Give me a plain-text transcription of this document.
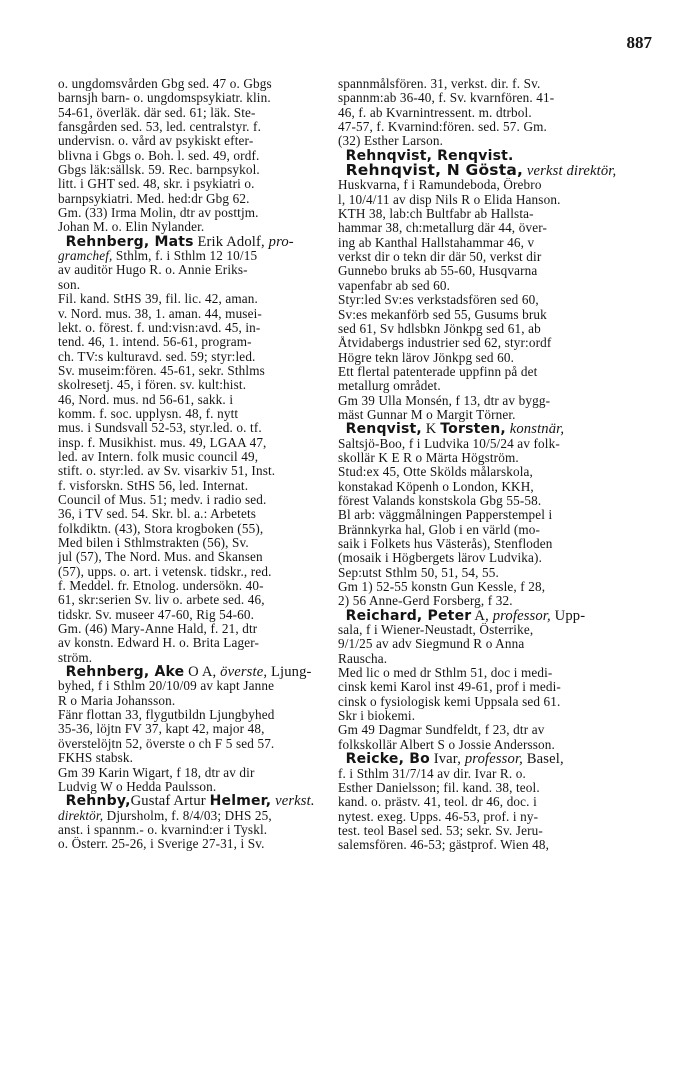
887

o. ungdomsvården Gbg sed. 47 o. Gbgs

barnsjh barn- o. ungdomspsykiatr. klin.

54-61, överläk. där sed. 61; läk. Ste-

fansgården sed. 53, led. centralstyr. f.

undervisn. o. vård av psykiskt efter-

blivna i Gbgs o. Boh. l. sed. 49, ordf.

Gbgs läk:sällsk. 59. Rec. barnpsykol.

litt. i GHT sed. 48, skr. i psykiatri o.

barnpsykiatri. Med. hed:dr Gbg 62.

Gm. (33) Irma Molin, dtr av posttjm.

Johan M. o. Elin Nylander.

Rehnberg, Mats Erik Adolf, pro-

gramchef, Sthlm, f. i Sthlm 12 10/15

av auditör Hugo R. o. Annie Eriks-

son.

Fil. kand. StHS 39, fil. lic. 42, aman.

v. Nord. mus. 38, 1. aman. 44, musei-

lekt. o. förest. f. und:visn:avd. 45, in-

tend. 46, 1. intend. 56-61, program-

ch. TV:s kulturavd. sed. 59; styr:led.

Sv. museim:fören. 45-61, sekr. Sthlms

skolresetj. 45, i fören. sv. kult:hist.

46, Nord. mus. nd 56-61, sakk. i

komm. f. soc. upplysn. 48, f. nytt

mus. i Sundsvall 52-53, styr.led. o. tf.

insp. f. Musikhist. mus. 49, LGAA 47,

led. av Intern. folk music council 49,

stift. o. styr:led. av Sv. visarkiv 51, Inst.

f. visforskn. StHS 56, led. Internat.

Council of Mus. 51; medv. i radio sed.

36, i TV sed. 54. Skr. bl. a.: Arbetets

folkdiktn. (43), Stora krogboken (55),

Med bilen i Sthlmstrakten (56), Sv.

jul (57), The Nord. Mus. and Skansen

(57), upps. o. art. i vetensk. tidskr., red.

f. Meddel. fr. Etnolog. undersökn. 40-

61, skr:serien Sv. liv o. arbete sed. 46,

tidskr. Sv. museer 47-60, Rig 54-60.

Gm. (46) Mary-Anne Hald, f. 21, dtr

av konstn. Edward H. o. Brita Lager-

ström.

Rehnberg, Åke O A, överste, Ljung-

byhed, f i Sthlm 20/10/09 av kapt Janne

R o Maria Johansson.

Fänr flottan 33, flygutbildn Ljungbyhed

35-36, löjtn FV 37, kapt 42, major 48,

överstelöjtn 52, överste o ch F 5 sed 57.

FKHS stabsk.

Gm 39 Karin Wigart, f 18, dtr av dir

Ludvig W o Hedda Paulsson.

Rehnby,Gustaf Artur Helmer, verkst.

direktör, Djursholm, f. 8/4/03; DHS 25,

anst. i spannm.- o. kvarnind:er i Tyskl.

o. Österr. 25-26, i Sverige 27-31, i Sv.

spannmålsfören. 31, verkst. dir. f. Sv.

spannm:ab 36-40, f. Sv. kvarnfören. 41-

46, f. ab Kvarnintressent. m. dtrbol.

47-57, f. Kvarnind:fören. sed. 57. Gm.

(32) Esther Larson.

Rehnqvist, Renqvist.

Rehnqvist, N Gösta, verkst direktör,

Huskvarna, f i Ramundeboda, Örebro

l, 10/4/11 av disp Nils R o Elida Hanson.

KTH 38, lab:ch Bultfabr ab Hallsta-

hammar 38, ch:metallurg där 44, över-

ing ab Kanthal Hallstahammar 46, v

verkst dir o tekn dir där 50, verkst dir

Gunnebo bruks ab 55-60, Husqvarna

vapenfabr ab sed 60.

Styr:led Sv:es verkstadsfören sed 60,

Sv:es mekanförb sed 55, Gusums bruk

sed 61, Sv hdlsbkn Jönkpg sed 61, ab

Åtvidabergs industrier sed 62, styr:ordf

Högre tekn lärov Jönkpg sed 60.

Ett flertal patenterade uppfinn på det

metallurg området.

Gm 39 Ulla Monsén, f 13, dtr av bygg-

mäst Gunnar M o Margit Törner.

Renqvist, K Torsten, konstnär,

Saltsjö-Boo, f i Ludvika 10/5/24 av folk-

skollär K E R o Märta Högström.

Stud:ex 45, Otte Skölds målarskola,

konstakad Köpenh o London, KKH,

förest Valands konstskola Gbg 55-58.

Bl arb: väggmålningen Papperstempel i

Brännkyrka hal, Glob i en värld (mo-

saik i Folkets hus Västerås), Stenfloden

(mosaik i Högbergets lärov Ludvika).

Sep:utst Sthlm 50, 51, 54, 55.

Gm 1) 52-55 konstn Gun Kessle, f 28,

2) 56 Anne-Gerd Forsberg, f 32.

Reichard, Peter A, professor, Upp-

sala, f i Wiener-Neustadt, Österrike,

9/1/25 av adv Siegmund R o Anna

Rauscha.

Med lic o med dr Sthlm 51, doc i medi-

cinsk kemi Karol inst 49-61, prof i medi-

cinsk o fysiologisk kemi Uppsala sed 61.

Skr i biokemi.

Gm 49 Dagmar Sundfeldt, f 23, dtr av

folkskollär Albert S o Jossie Andersson.

Reicke, Bo Ivar, professor, Basel,

f. i Sthlm 31/7/14 av dir. Ivar R. o.

Esther Danielsson; fil. kand. 38, teol.

kand. o. prästv. 41, teol. dr 46, doc. i

nytest. exeg. Upps. 46-53, prof. i ny-

test. teol Basel sed. 53; sekr. Sv. Jeru-

salemsfören. 46-53; gästprof. Wien 48,
